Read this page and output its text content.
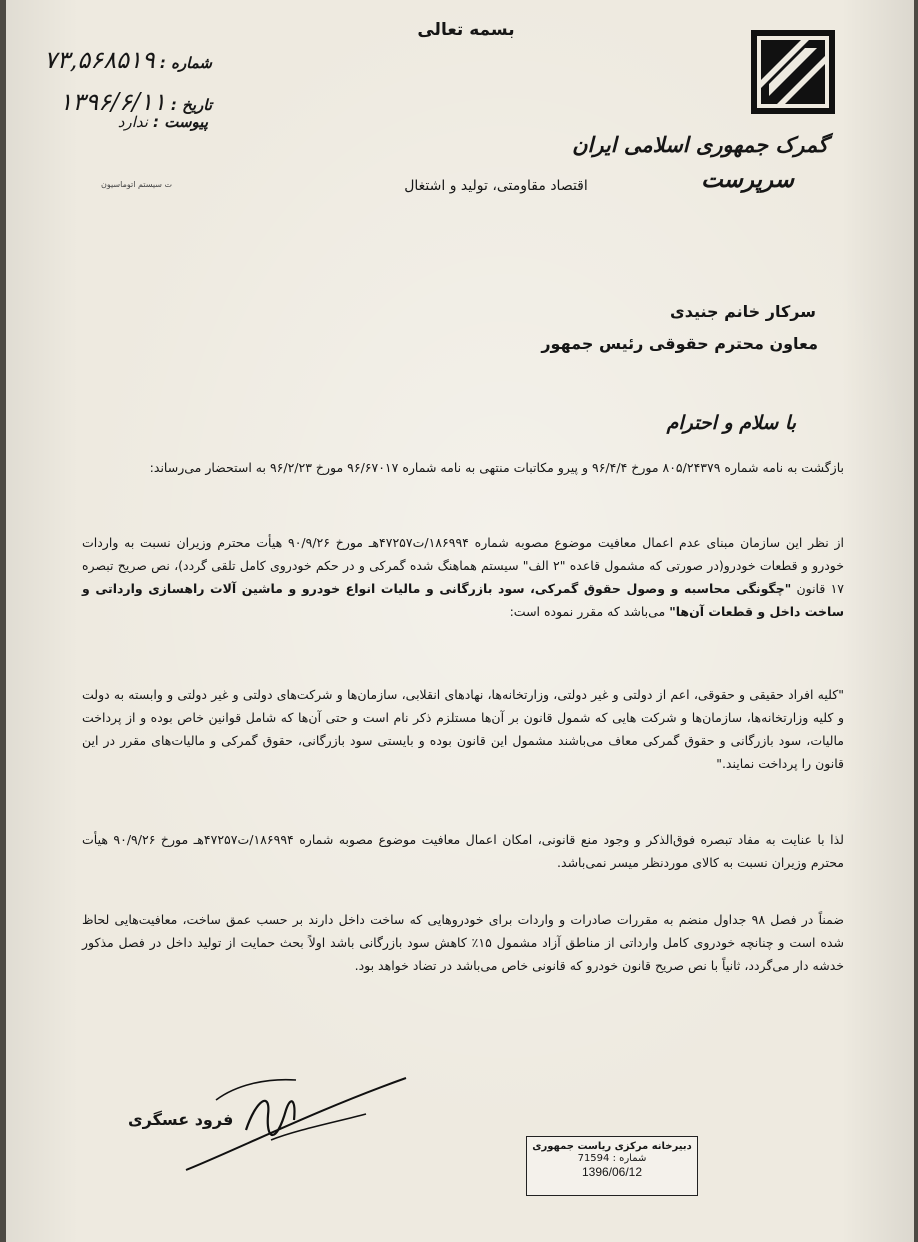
بسمه تعالی
گمرک جمهوری اسلامی ایران
سرپرست
شماره : ۷۳,۵۶۸۵۱۹
تاریخ : ۱۳۹۶/۶/۱۱
پیوست : ندارد
ت سیستم اتوماسیون	اقتصاد مقاومتی، تولید و اشتغال
سرکار خانم جنیدی
معاون محترم حقوقی رئیس جمهور
با سلام و احترام
بازگشت به نامه شماره ۸۰۵/۲۴۳۷۹ مورخ ۹۶/۴/۴ و پیرو مکاتبات منتهی به نامه شماره ۹۶/۶۷۰۱۷ مورخ ۹۶/۲/۲۳ به استحضار می‌رساند:
از نظر این سازمان مبنای عدم اعمال معافیت موضوع مصوبه شماره ۱۸۶۹۹۴/ت۴۷۲۵۷هـ مورخ ۹۰/۹/۲۶ هیأت محترم وزیران نسبت به واردات خودرو و قطعات خودرو(در صورتی که مشمول قاعده "۲ الف" سیستم هماهنگ شده گمرکی و در حکم خودروی کامل تلقی گردد)، نص صریح تبصره ۱۷ قانون "چگونگی محاسبه و وصول حقوق گمرکی، سود بازرگانی و مالیات انواع خودرو و ماشین آلات راهسازی وارداتی و ساخت داخل و قطعات آن‌ها" می‌باشد که مقرر نموده است:
"کلیه افراد حقیقی و حقوقی، اعم از دولتی و غیر دولتی، وزارتخانه‌ها، نهادهای انقلابی، سازمان‌ها و شرکت‌های دولتی و غیر دولتی و وابسته به دولت و کلیه وزارتخانه‌ها، سازمان‌ها و شرکت هایی که شمول قانون بر آن‌ها مستلزم ذکر نام است و حتی آن‌ها که شامل قوانین خاص بوده و از پرداخت مالیات، سود بازرگانی و حقوق گمرکی معاف می‌باشند مشمول این قانون بوده و بایستی سود بازرگانی، حقوق گمرکی و مالیات‌های مقرر در این قانون را پرداخت نمایند."
لذا با عنایت به مفاد تبصره فوق‌الذکر و وجود منع قانونی، امکان اعمال معافیت موضوع مصوبه شماره ۱۸۶۹۹۴/ت۴۷۲۵۷هـ مورخ ۹۰/۹/۲۶ هیأت محترم وزیران نسبت به کالای موردنظر میسر نمی‌باشد.
ضمناً در فصل ۹۸ جداول منضم به مقررات صادرات و واردات برای خودروهایی که ساخت داخل دارند بر حسب عمق ساخت، معافیت‌هایی لحاظ شده است و چنانچه خودروی کامل وارداتی از مناطق آزاد مشمول ۱۵٪ کاهش سود بازرگانی باشد اولاً بحث حمایت از تولید داخل در فصل مذکور خدشه دار می‌گردد، ثانیاً با نص صریح قانون خودرو که قانونی خاص می‌باشد در تضاد خواهد بود.
فرود عسگری
دبیرخانه مرکزی ریاست جمهوری
شماره : 71594
1396/06/12
